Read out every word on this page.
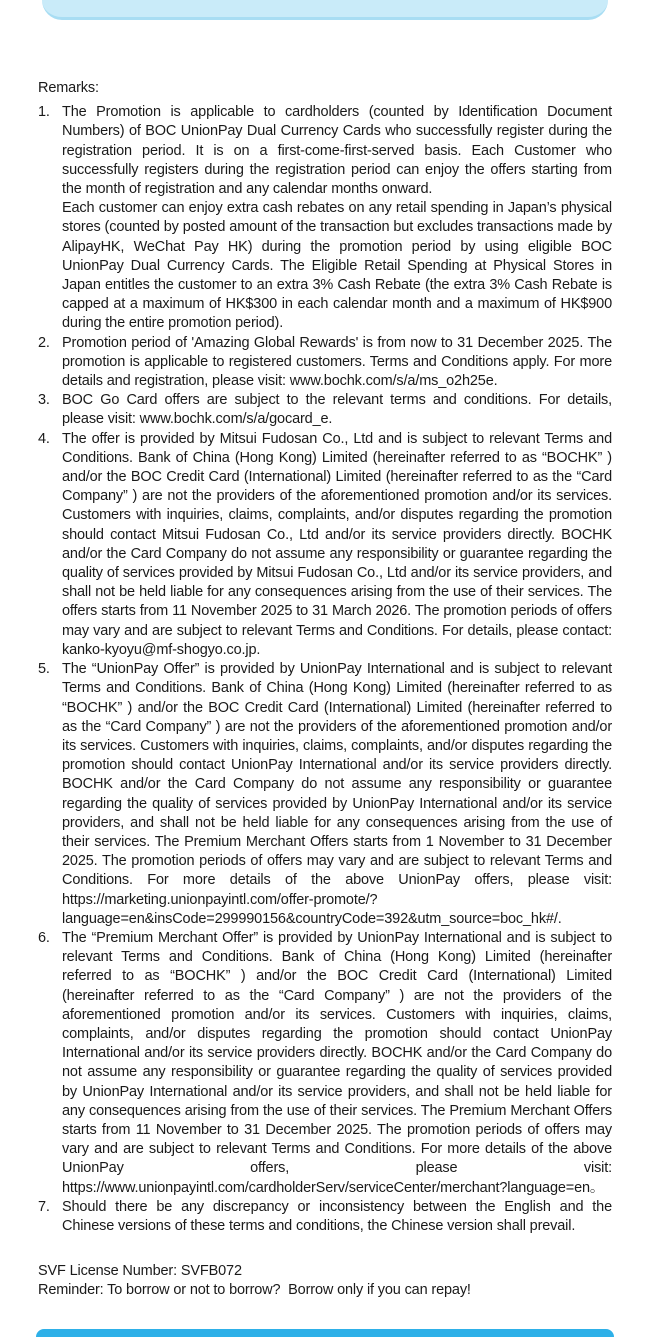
Remarks:
1. The Promotion is applicable to cardholders (counted by Identification Document Numbers) of BOC UnionPay Dual Currency Cards who successfully register during the registration period. It is on a first-come-first-served basis. Each Customer who successfully registers during the registration period can enjoy the offers starting from the month of registration and any calendar months onward.

Each customer can enjoy extra cash rebates on any retail spending in Japan’s physical stores (counted by posted amount of the transaction but excludes transactions made by AlipayHK, WeChat Pay HK) during the promotion period by using eligible BOC UnionPay Dual Currency Cards. The Eligible Retail Spending at Physical Stores in Japan entitles the customer to an extra 3% Cash Rebate (the extra 3% Cash Rebate is capped at a maximum of HK$300 in each calendar month and a maximum of HK$900 during the entire promotion period).

2. Promotion period of 'Amazing Global Rewards' is from now to 31 December 2025. The promotion is applicable to registered customers. Terms and Conditions apply. For more details and registration, please visit: www.bochk.com/s/a/ms_o2h25e.

3. BOC Go Card offers are subject to the relevant terms and conditions. For details, please visit: www.bochk.com/s/a/gocard_e.

4. The offer is provided by Mitsui Fudosan Co., Ltd and is subject to relevant Terms and Conditions. Bank of China (Hong Kong) Limited (hereinafter referred to as “BOCHK” ) and/or the BOC Credit Card (International) Limited (hereinafter referred to as the “Card Company” ) are not the providers of the aforementioned promotion and/or its services. Customers with inquiries, claims, complaints, and/or disputes regarding the promotion should contact Mitsui Fudosan Co., Ltd and/or its service providers directly. BOCHK and/or the Card Company do not assume any responsibility or guarantee regarding the quality of services provided by Mitsui Fudosan Co., Ltd and/or its service providers, and shall not be held liable for any consequences arising from the use of their services. The offers starts from 11 November 2025 to 31 March 2026. The promotion periods of offers may vary and are subject to relevant Terms and Conditions. For details, please contact: kanko-kyoyu@mf-shogyo.co.jp.

5. The “UnionPay Offer” is provided by UnionPay International and is subject to relevant Terms and Conditions. Bank of China (Hong Kong) Limited (hereinafter referred to as “BOCHK” ) and/or the BOC Credit Card (International) Limited (hereinafter referred to as the “Card Company” ) are not the providers of the aforementioned promotion and/or its services. Customers with inquiries, claims, complaints, and/or disputes regarding the promotion should contact UnionPay International and/or its service providers directly. BOCHK and/or the Card Company do not assume any responsibility or guarantee regarding the quality of services provided by UnionPay International and/or its service providers, and shall not be held liable for any consequences arising from the use of their services. The Premium Merchant Offers starts from 1 November to 31 December 2025. The promotion periods of offers may vary and are subject to relevant Terms and Conditions. For more details of the above UnionPay offers, please visit: https://marketing.unionpayintl.com/offer-promote/?language=en&insCode=299990156&countryCode=392&utm_source=boc_hk#/.

6. The “Premium Merchant Offer” is provided by UnionPay International and is subject to relevant Terms and Conditions. Bank of China (Hong Kong) Limited (hereinafter referred to as “BOCHK” ) and/or the BOC Credit Card (International) Limited (hereinafter referred to as the “Card Company” ) are not the providers of the aforementioned promotion and/or its services. Customers with inquiries, claims, complaints, and/or disputes regarding the promotion should contact UnionPay International and/or its service providers directly. BOCHK and/or the Card Company do not assume any responsibility or guarantee regarding the quality of services provided by UnionPay International and/or its service providers, and shall not be held liable for any consequences arising from the use of their services. The Premium Merchant Offers starts from 11 November to 31 December 2025. The promotion periods of offers may vary and are subject to relevant Terms and Conditions. For more details of the above UnionPay offers, please visit: https://www.unionpayintl.com/cardholderServ/serviceCenter/merchant?language=en。

7. Should there be any discrepancy or inconsistency between the English and the Chinese versions of these terms and conditions, the Chinese version shall prevail.

SVF License Number: SVFB072

Reminder: To borrow or not to borrow?  Borrow only if you can repay!
